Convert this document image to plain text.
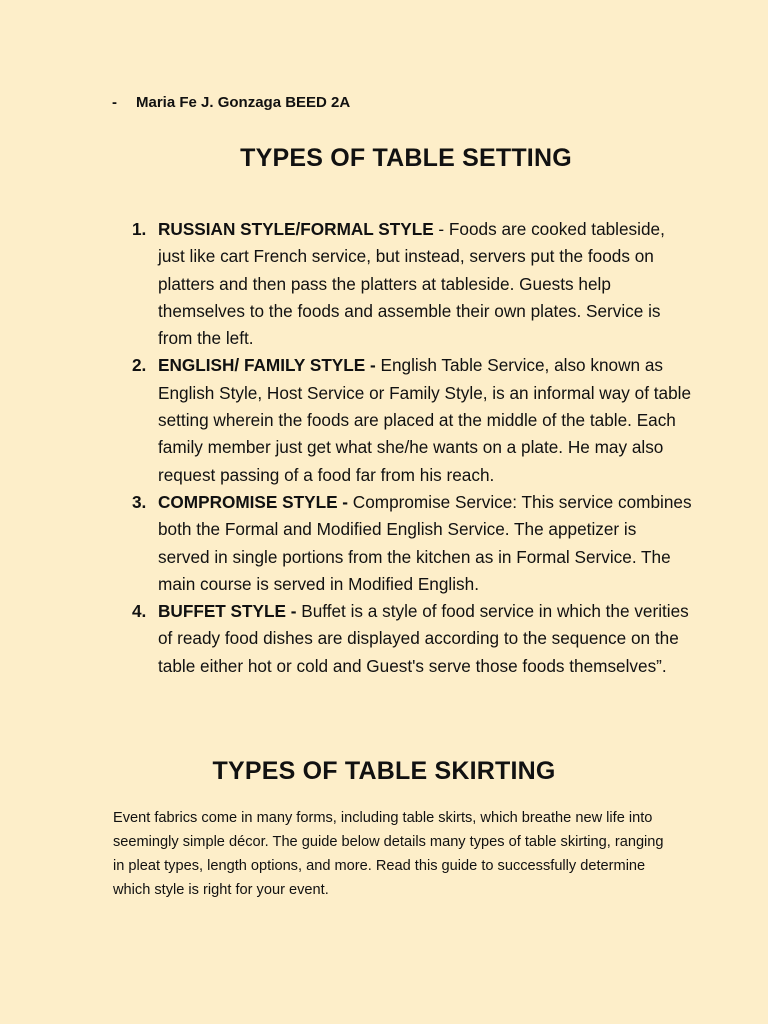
-	Maria Fe J. Gonzaga BEED 2A
TYPES OF TABLE SETTING
1. RUSSIAN STYLE/FORMAL STYLE - Foods are cooked tableside, just like cart French service, but instead, servers put the foods on platters and then pass the platters at tableside. Guests help themselves to the foods and assemble their own plates. Service is from the left.
2. ENGLISH/ FAMILY STYLE - English Table Service, also known as English Style, Host Service or Family Style, is an informal way of table setting wherein the foods are placed at the middle of the table. Each family member just get what she/he wants on a plate. He may also request passing of a food far from his reach.
3. COMPROMISE STYLE - Compromise Service: This service combines both the Formal and Modified English Service. The appetizer is served in single portions from the kitchen as in Formal Service. The main course is served in Modified English.
4. BUFFET STYLE - Buffet is a style of food service in which the verities of ready food dishes are displayed according to the sequence on the table either hot or cold and Guest's serve those foods themselves”.
TYPES OF TABLE SKIRTING

Event fabrics come in many forms, including table skirts, which breathe new life into seemingly simple décor. The guide below details many types of table skirting, ranging in pleat types, length options, and more. Read this guide to successfully determine which style is right for your event.
